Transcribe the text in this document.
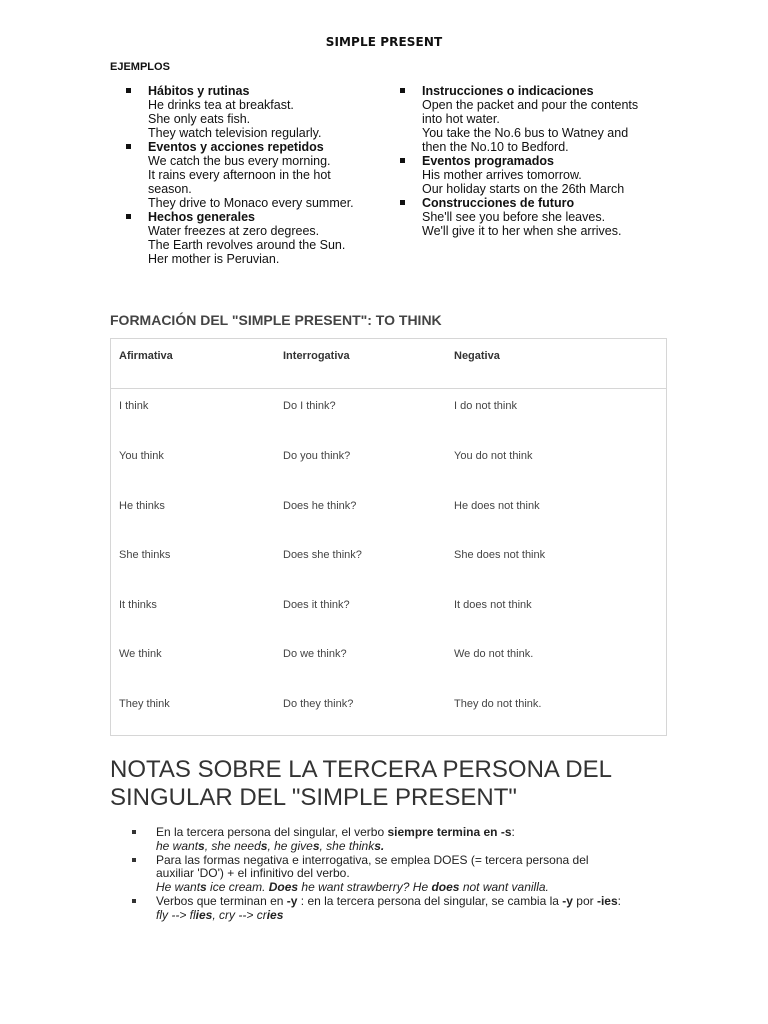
SIMPLE PRESENT
EJEMPLOS
Hábitos y rutinas
He drinks tea at breakfast.
She only eats fish.
They watch television regularly.
Eventos y acciones repetidos
We catch the bus every morning.
It rains every afternoon in the hot
season.
They drive to Monaco every summer.
Hechos generales
Water freezes at zero degrees.
The Earth revolves around the Sun.
Her mother is Peruvian.
Instrucciones o indicaciones
Open the packet and pour the contents
into hot water.
You take the No.6 bus to Watney and
then the No.10 to Bedford.
Eventos programados
His mother arrives tomorrow.
Our holiday starts on the 26th March
Construcciones de futuro
She'll see you before she leaves.
We'll give it to her when she arrives.
FORMACIÓN DEL "SIMPLE PRESENT": TO THINK
Afirmativa	Interrogativa	Negativa
I think	Do I think?	I do not think
You think	Do you think?	You do not think
He thinks	Does he think?	He does not think
She thinks	Does she think?	She does not think
It thinks	Does it think?	It does not think
We think	Do we think?	We do not think.
They think	Do they think?	They do not think.
NOTAS SOBRE LA TERCERA PERSONA DEL
SINGULAR DEL "SIMPLE PRESENT"
En la tercera persona del singular, el verbo siempre termina en -s:
he wants, she needs, he gives, she thinks.
Para las formas negativa e interrogativa, se emplea DOES (= tercera persona del
auxiliar 'DO') + el infinitivo del verbo.
He wants ice cream. Does he want strawberry? He does not want vanilla.
Verbos que terminan en -y : en la tercera persona del singular, se cambia la -y por -ies:
fly --> flies, cry --> cries
